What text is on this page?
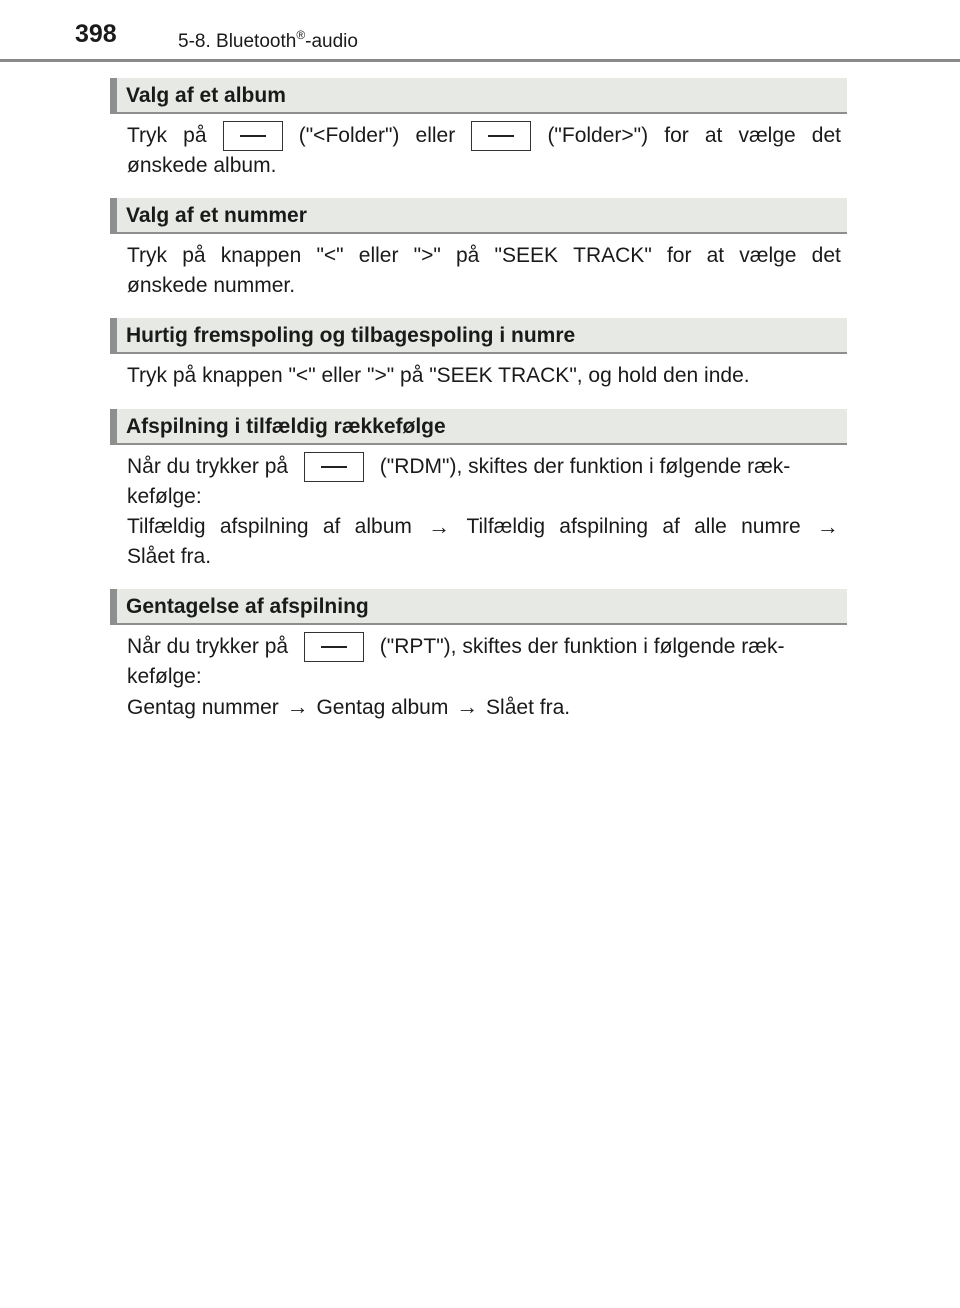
398	5-8. Bluetooth®-audio
Valg af et album
Tryk på	("<Folder") eller	("Folder>") for at vælge det
ønskede album.
Valg af et nummer
Tryk på knappen "<" eller ">" på "SEEK TRACK" for at vælge det
ønskede nummer.
Hurtig fremspoling og tilbagespoling i numre
Tryk på knappen "<" eller ">" på "SEEK TRACK", og hold den inde.
Afspilning i tilfældig rækkefølge
Når du trykker på	("RDM"), skiftes der funktion i følgende ræk-
kefølge:
Tilfældig afspilning af album → Tilfældig afspilning af alle numre →
Slået fra.
Gentagelse af afspilning
Når du trykker på	("RPT"), skiftes der funktion i følgende ræk-
kefølge:
Gentag nummer → Gentag album → Slået fra.
